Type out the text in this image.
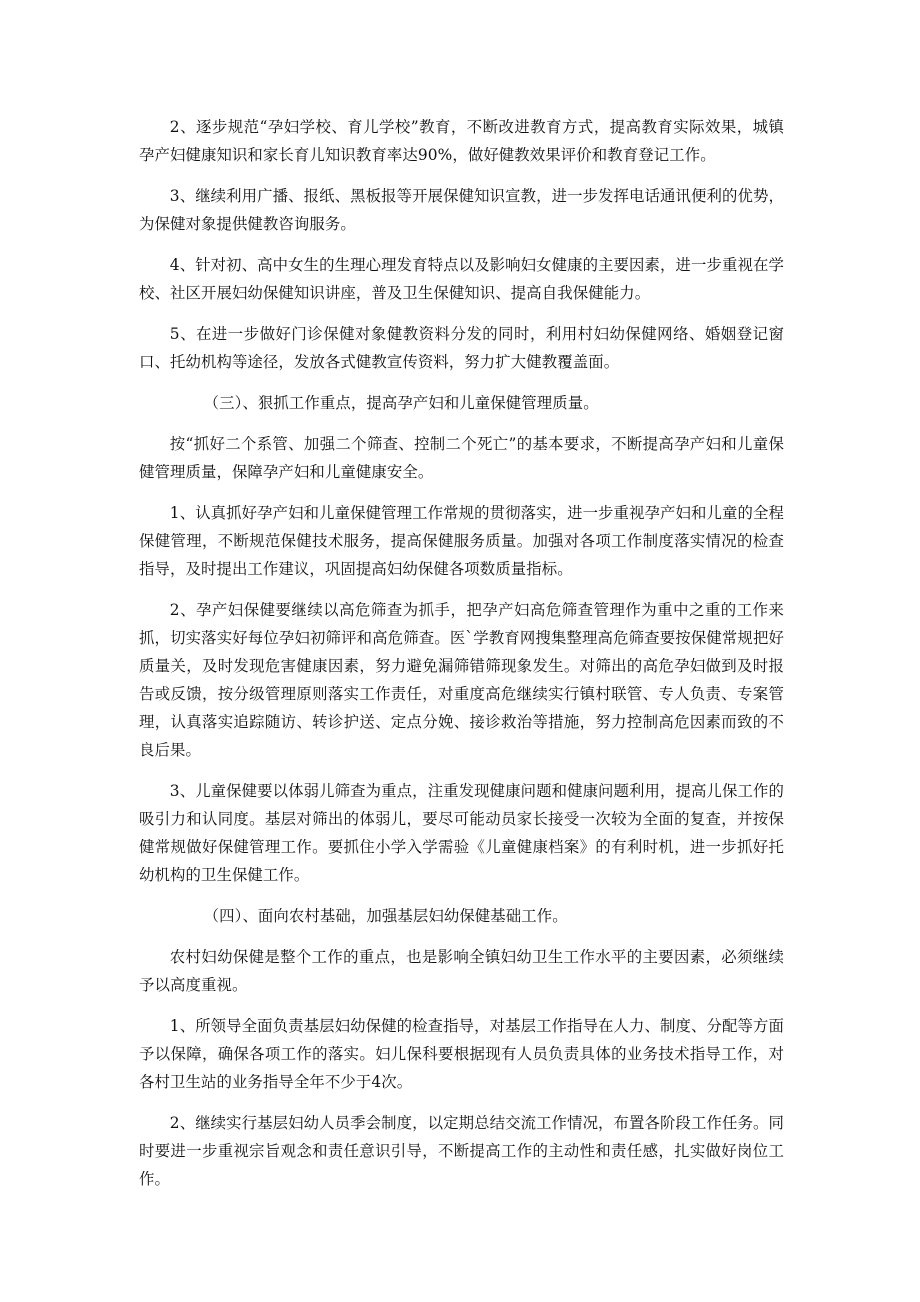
2、逐步规范“孕妇学校、育儿学校”教育，不断改进教育方式，提高教育实际效果，城镇孕产妇健康知识和家长育儿知识教育率达90%，做好健教效果评价和教育登记工作。

3、继续利用广播、报纸、黑板报等开展保健知识宣教，进一步发挥电话通讯便利的优势，为保健对象提供健教咨询服务。

4、针对初、高中女生的生理心理发育特点以及影响妇女健康的主要因素，进一步重视在学校、社区开展妇幼保健知识讲座，普及卫生保健知识、提高自我保健能力。

5、在进一步做好门诊保健对象健教资料分发的同时，利用村妇幼保健网络、婚姻登记窗口、托幼机构等途径，发放各式健教宣传资料，努力扩大健教覆盖面。

（三）、狠抓工作重点，提高孕产妇和儿童保健管理质量。

按“抓好二个系管、加强二个筛查、控制二个死亡”的基本要求，不断提高孕产妇和儿童保健管理质量，保障孕产妇和儿童健康安全。

1、认真抓好孕产妇和儿童保健管理工作常规的贯彻落实，进一步重视孕产妇和儿童的全程保健管理，不断规范保健技术服务，提高保健服务质量。加强对各项工作制度落实情况的检查指导，及时提出工作建议，巩固提高妇幼保健各项数质量指标。

2、孕产妇保健要继续以高危筛查为抓手，把孕产妇高危筛查管理作为重中之重的工作来抓，切实落实好每位孕妇初筛评和高危筛查。医`学教育网搜集整理高危筛查要按保健常规把好质量关，及时发现危害健康因素，努力避免漏筛错筛现象发生。对筛出的高危孕妇做到及时报告或反馈，按分级管理原则落实工作责任，对重度高危继续实行镇村联管、专人负责、专案管理，认真落实追踪随访、转诊护送、定点分娩、接诊救治等措施，努力控制高危因素而致的不良后果。

3、儿童保健要以体弱儿筛查为重点，注重发现健康问题和健康问题利用，提高儿保工作的吸引力和认同度。基层对筛出的体弱儿，要尽可能动员家长接受一次较为全面的复查，并按保健常规做好保健管理工作。要抓住小学入学需验《儿童健康档案》的有利时机，进一步抓好托幼机构的卫生保健工作。

（四）、面向农村基础，加强基层妇幼保健基础工作。

农村妇幼保健是整个工作的重点，也是影响全镇妇幼卫生工作水平的主要因素，必须继续予以高度重视。

1、所领导全面负责基层妇幼保健的检查指导，对基层工作指导在人力、制度、分配等方面予以保障，确保各项工作的落实。妇儿保科要根据现有人员负责具体的业务技术指导工作，对各村卫生站的业务指导全年不少于4次。

2、继续实行基层妇幼人员季会制度，以定期总结交流工作情况，布置各阶段工作任务。同时要进一步重视宗旨观念和责任意识引导，不断提高工作的主动性和责任感，扎实做好岗位工作。
